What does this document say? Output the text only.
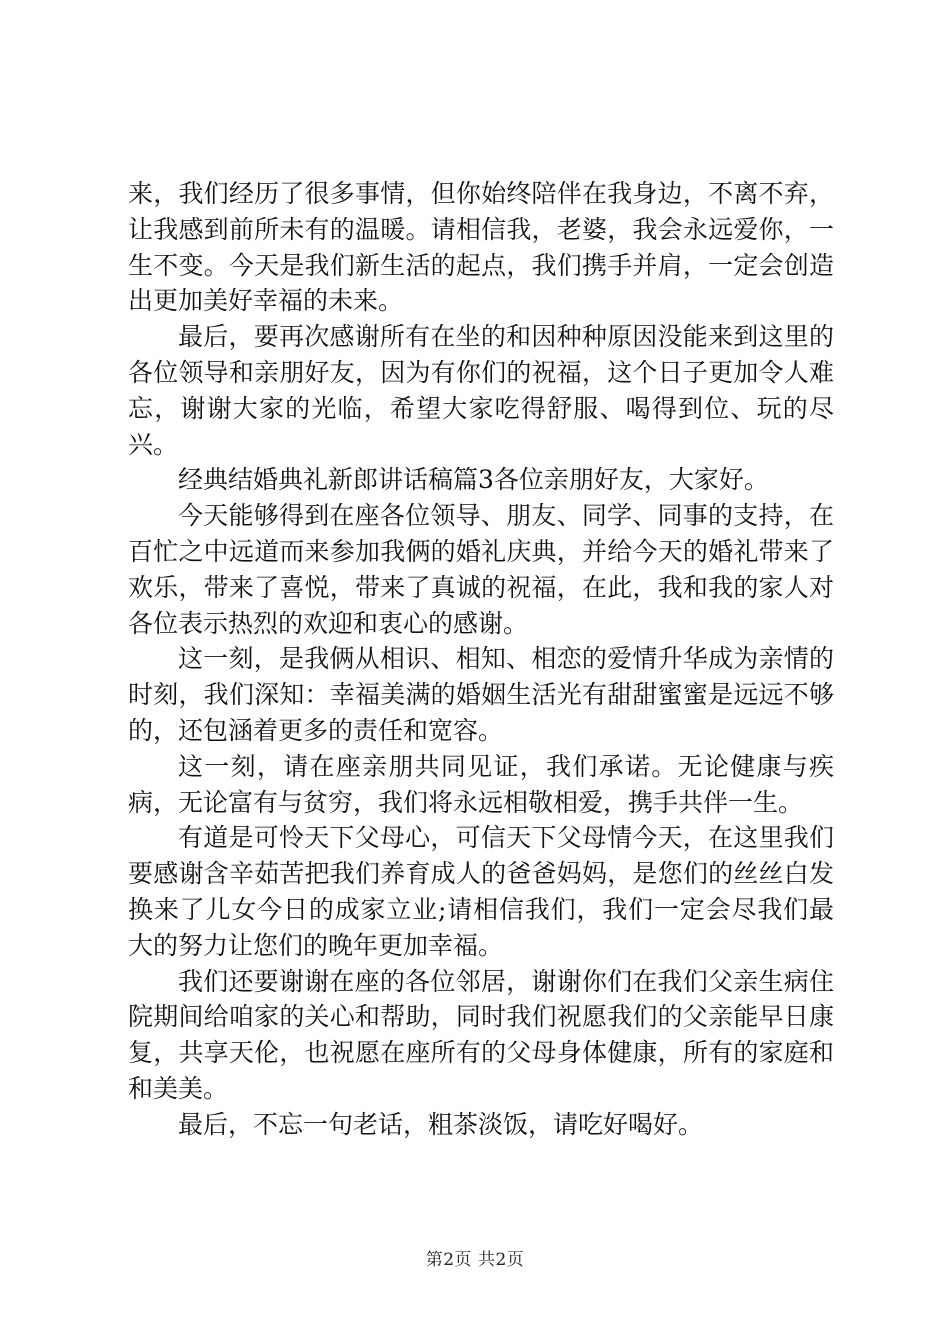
来，我们经历了很多事情，但你始终陪伴在我身边，不离不弃，让我感到前所未有的温暖。请相信我，老婆，我会永远爱你，一生不变。今天是我们新生活的起点，我们携手并肩，一定会创造出更加美好幸福的未来。

最后，要再次感谢所有在坐的和因种种原因没能来到这里的各位领导和亲朋好友，因为有你们的祝福，这个日子更加令人难忘，谢谢大家的光临，希望大家吃得舒服、喝得到位、玩的尽兴。

经典结婚典礼新郎讲话稿篇3各位亲朋好友，大家好。

今天能够得到在座各位领导、朋友、同学、同事的支持，在百忙之中远道而来参加我俩的婚礼庆典，并给今天的婚礼带来了欢乐，带来了喜悦，带来了真诚的祝福，在此，我和我的家人对各位表示热烈的欢迎和衷心的感谢。

这一刻，是我俩从相识、相知、相恋的爱情升华成为亲情的时刻，我们深知：幸福美满的婚姻生活光有甜甜蜜蜜是远远不够的，还包涵着更多的责任和宽容。

这一刻，请在座亲朋共同见证，我们承诺。无论健康与疾病，无论富有与贫穷，我们将永远相敬相爱，携手共伴一生。

有道是可怜天下父母心，可信天下父母情今天，在这里我们要感谢含辛茹苦把我们养育成人的爸爸妈妈，是您们的丝丝白发换来了儿女今日的成家立业;请相信我们，我们一定会尽我们最大的努力让您们的晚年更加幸福。

我们还要谢谢在座的各位邻居，谢谢你们在我们父亲生病住院期间给咱家的关心和帮助，同时我们祝愿我们的父亲能早日康复，共享天伦，也祝愿在座所有的父母身体健康，所有的家庭和和美美。

最后，不忘一句老话，粗茶淡饭，请吃好喝好。

第2页 共2页
